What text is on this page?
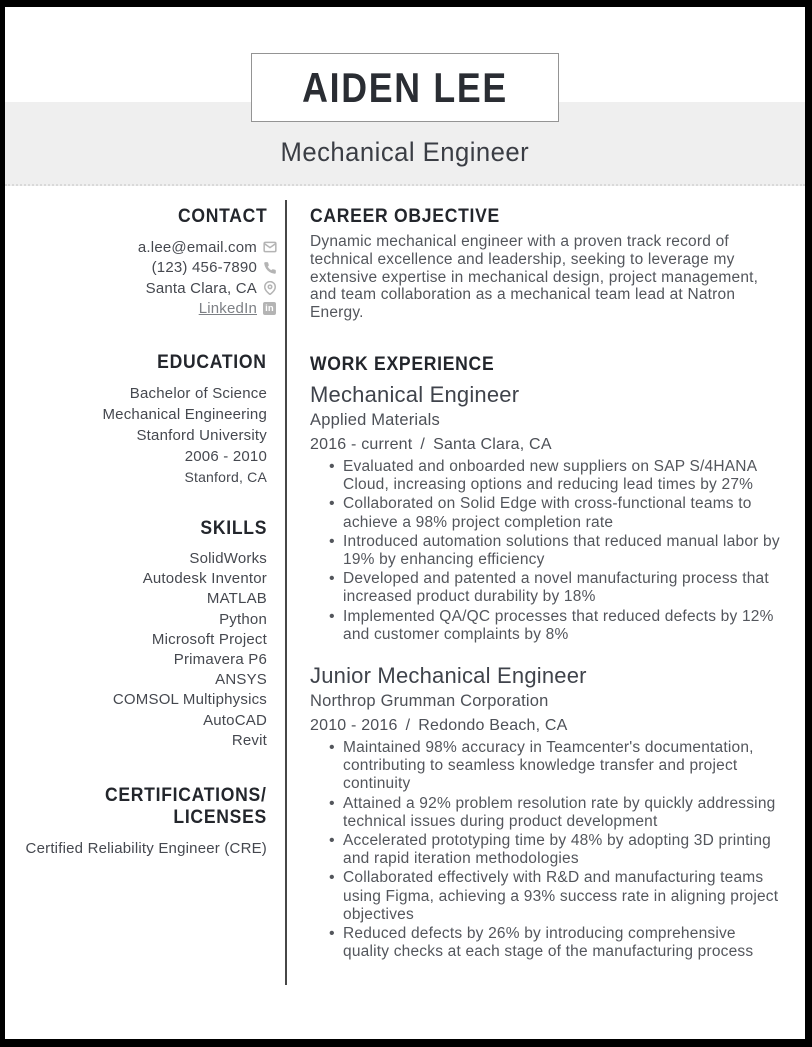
AIDEN LEE
Mechanical Engineer
CONTACT
a.lee@email.com
(123) 456-7890
Santa Clara, CA
LinkedIn in
EDUCATION
Bachelor of Science
Mechanical Engineering
Stanford University
2006 - 2010
Stanford, CA
SKILLS
SolidWorks
Autodesk Inventor
MATLAB
Python
Microsoft Project
Primavera P6
ANSYS
COMSOL Multiphysics
AutoCAD
Revit
CERTIFICATIONS/
LICENSES
Certified Reliability Engineer (CRE)
CAREER OBJECTIVE
Dynamic mechanical engineer with a proven track record of technical excellence and leadership, seeking to leverage my extensive expertise in mechanical design, project management, and team collaboration as a mechanical team lead at Natron Energy.
WORK EXPERIENCE
Mechanical Engineer
Applied Materials
2016 - current / Santa Clara, CA
• Evaluated and onboarded new suppliers on SAP S/4HANA Cloud, increasing options and reducing lead times by 27%
• Collaborated on Solid Edge with cross-functional teams to achieve a 98% project completion rate
• Introduced automation solutions that reduced manual labor by 19% by enhancing efficiency
• Developed and patented a novel manufacturing process that increased product durability by 18%
• Implemented QA/QC processes that reduced defects by 12% and customer complaints by 8%
Junior Mechanical Engineer
Northrop Grumman Corporation
2010 - 2016 / Redondo Beach, CA
• Maintained 98% accuracy in Teamcenter's documentation, contributing to seamless knowledge transfer and project continuity
• Attained a 92% problem resolution rate by quickly addressing technical issues during product development
• Accelerated prototyping time by 48% by adopting 3D printing and rapid iteration methodologies
• Collaborated effectively with R&D and manufacturing teams using Figma, achieving a 93% success rate in aligning project objectives
• Reduced defects by 26% by introducing comprehensive quality checks at each stage of the manufacturing process
